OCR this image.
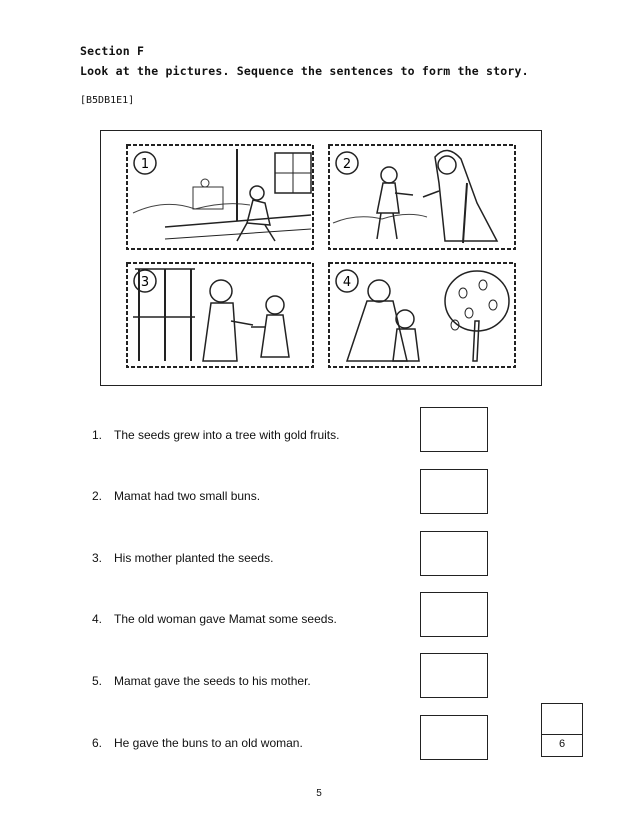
Section F
Look at the pictures. Sequence the sentences to form the story.
[B5DB1E1]
1	2
3	4
1. The seeds grew into a tree with gold fruits.
2. Mamat had two small buns.
3. His mother planted the seeds.
4. The old woman gave Mamat some seeds.
5. Mamat gave the seeds to his mother.
6. He gave the buns to an old woman.	6
5
